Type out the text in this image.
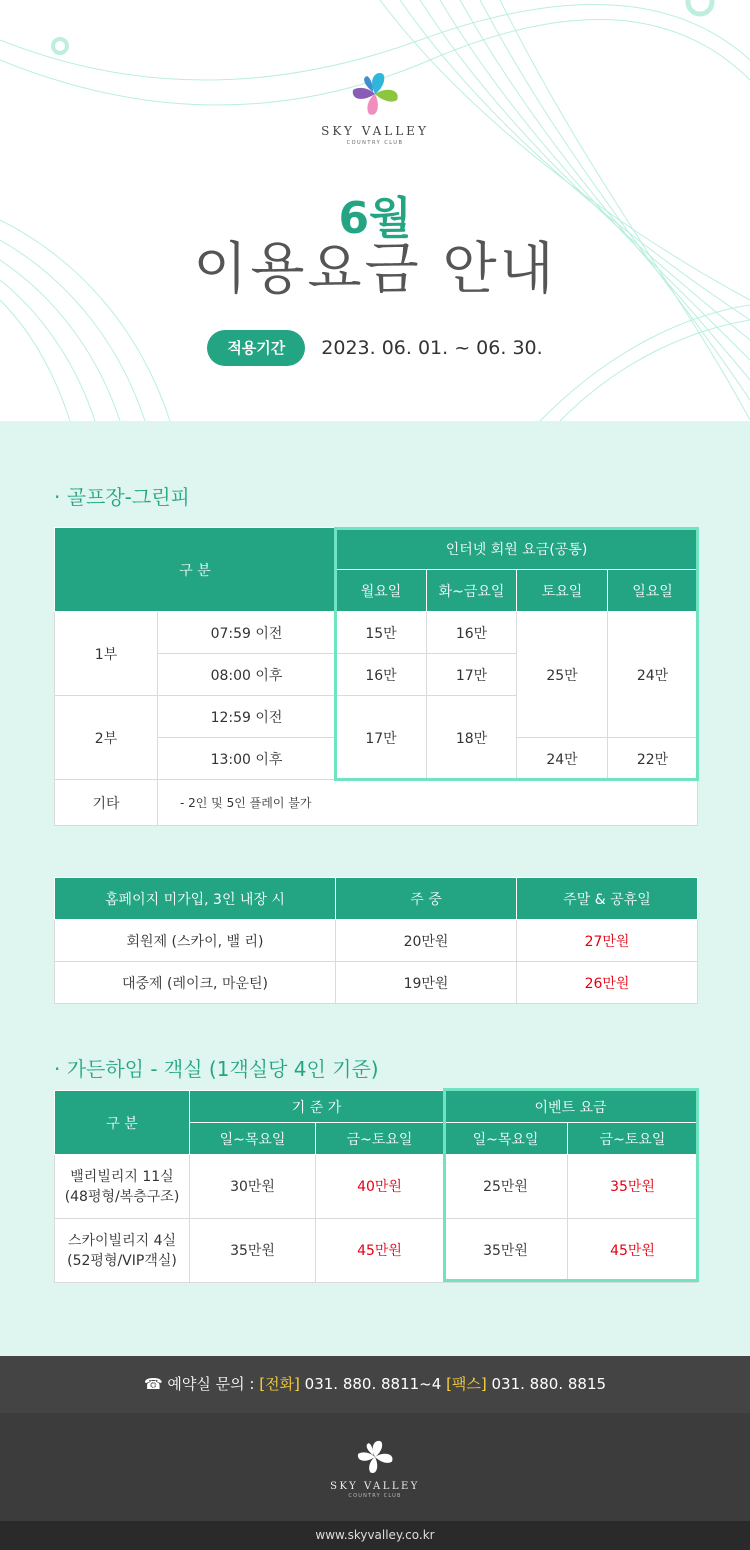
SKY VALLEY
COUNTRY CLUB
6월
이용요금 안내
적용기간	2023. 06. 01. ~ 06. 30.
· 골프장-그린피
구 분		인터넷 회원 요금(공통)			
		월요일	화~금요일	토요일	일요일
1부	07:59 이전	15만	16만	25만	24만
	08:00 이후	16만	17만		
2부	12:59 이전	17만	18만		
	13:00 이후			24만	22만
기타	- 2인 및 5인 플레이 불가				
홈페이지 미가입, 3인 내장 시	주 중	주말 & 공휴일
회원제 (스카이, 밸 리)	20만원	27만원
대중제 (레이크, 마운틴)	19만원	26만원
· 가든하임 - 객실 (1객실당 4인 기준)
구 분	기 준 가		이벤트 요금	
	일~목요일	금~토요일	일~목요일	금~토요일
밸리빌리지 11실
(48평형/복층구조)	30만원	40만원	25만원	35만원
스카이빌리지 4실
(52평형/VIP객실)	35만원	45만원	35만원	45만원
☎ 예약실 문의 : [전화] 031. 880. 8811~4 [팩스] 031. 880. 8815
SKY VALLEY
COUNTRY CLUB
www.skyvalley.co.kr
